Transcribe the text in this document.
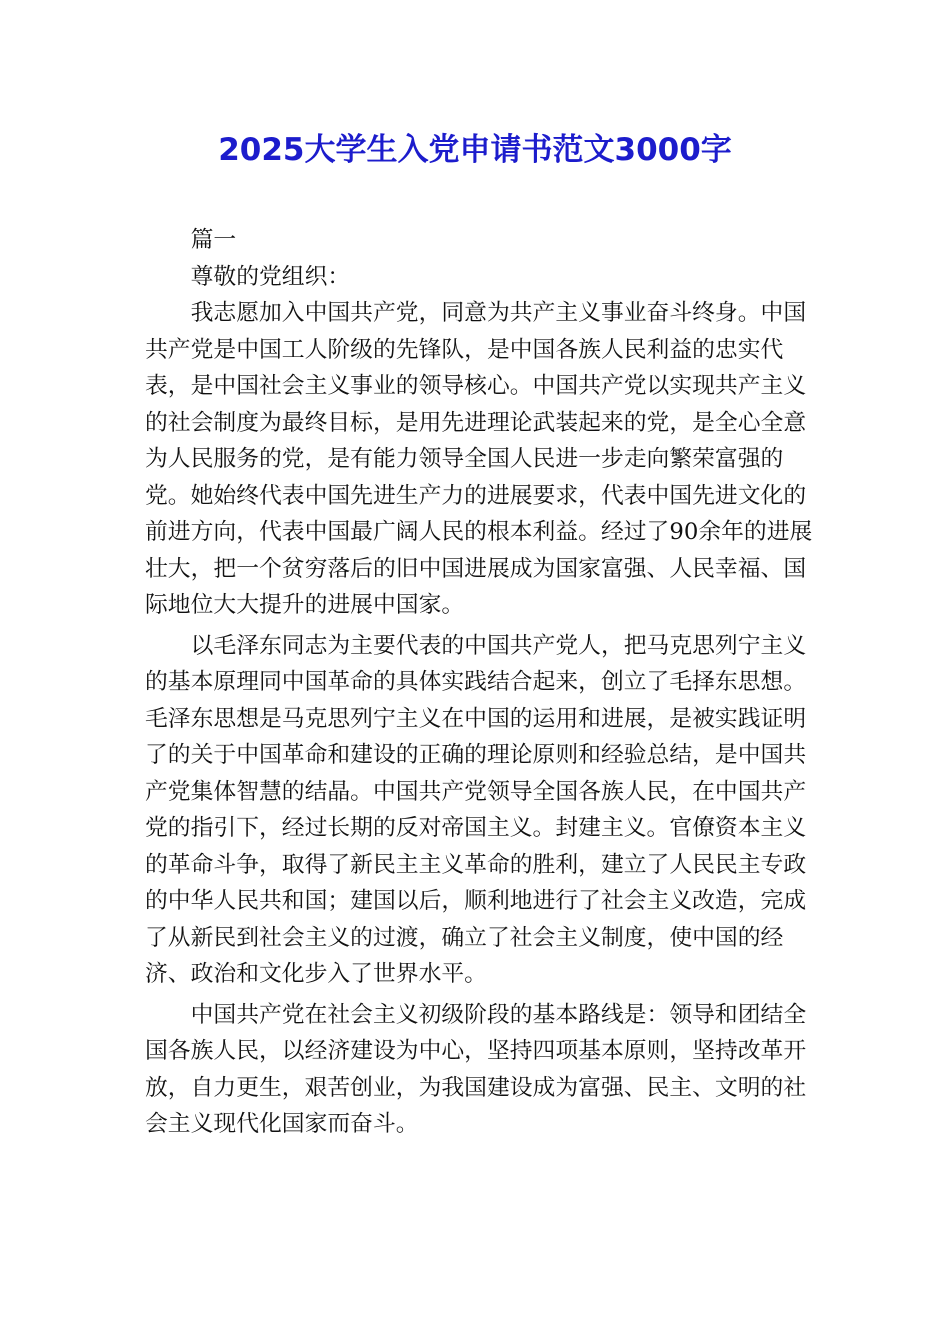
2025大学生入党申请书范文3000字

篇一

尊敬的党组织：

我志愿加入中国共产党，同意为共产主义事业奋斗终身。中国共产党是中国工人阶级的先锋队，是中国各族人民利益的忠实代表，是中国社会主义事业的领导核心。中国共产党以实现共产主义的社会制度为最终目标，是用先进理论武装起来的党，是全心全意为人民服务的党，是有能力领导全国人民进一步走向繁荣富强的党。她始终代表中国先进生产力的进展要求，代表中国先进文化的前进方向，代表中国最广阔人民的根本利益。经过了90余年的进展壮大，把一个贫穷落后的旧中国进展成为国家富强、人民幸福、国际地位大大提升的进展中国家。

以毛泽东同志为主要代表的中国共产党人，把马克思列宁主义的基本原理同中国革命的具体实践结合起来，创立了毛择东思想。毛泽东思想是马克思列宁主义在中国的运用和进展，是被实践证明了的关于中国革命和建设的正确的理论原则和经验总结，是中国共产党集体智慧的结晶。中国共产党领导全国各族人民，在中国共产党的指引下，经过长期的反对帝国主义。封建主义。官僚资本主义的革命斗争，取得了新民主主义革命的胜利，建立了人民民主专政的中华人民共和国；建国以后，顺利地进行了社会主义改造，完成了从新民到社会主义的过渡，确立了社会主义制度，使中国的经济、政治和文化步入了世界水平。

中国共产党在社会主义初级阶段的基本路线是：领导和团结全国各族人民，以经济建设为中心，坚持四项基本原则，坚持改革开放，自力更生，艰苦创业，为我国建设成为富强、民主、文明的社会主义现代化国家而奋斗。
